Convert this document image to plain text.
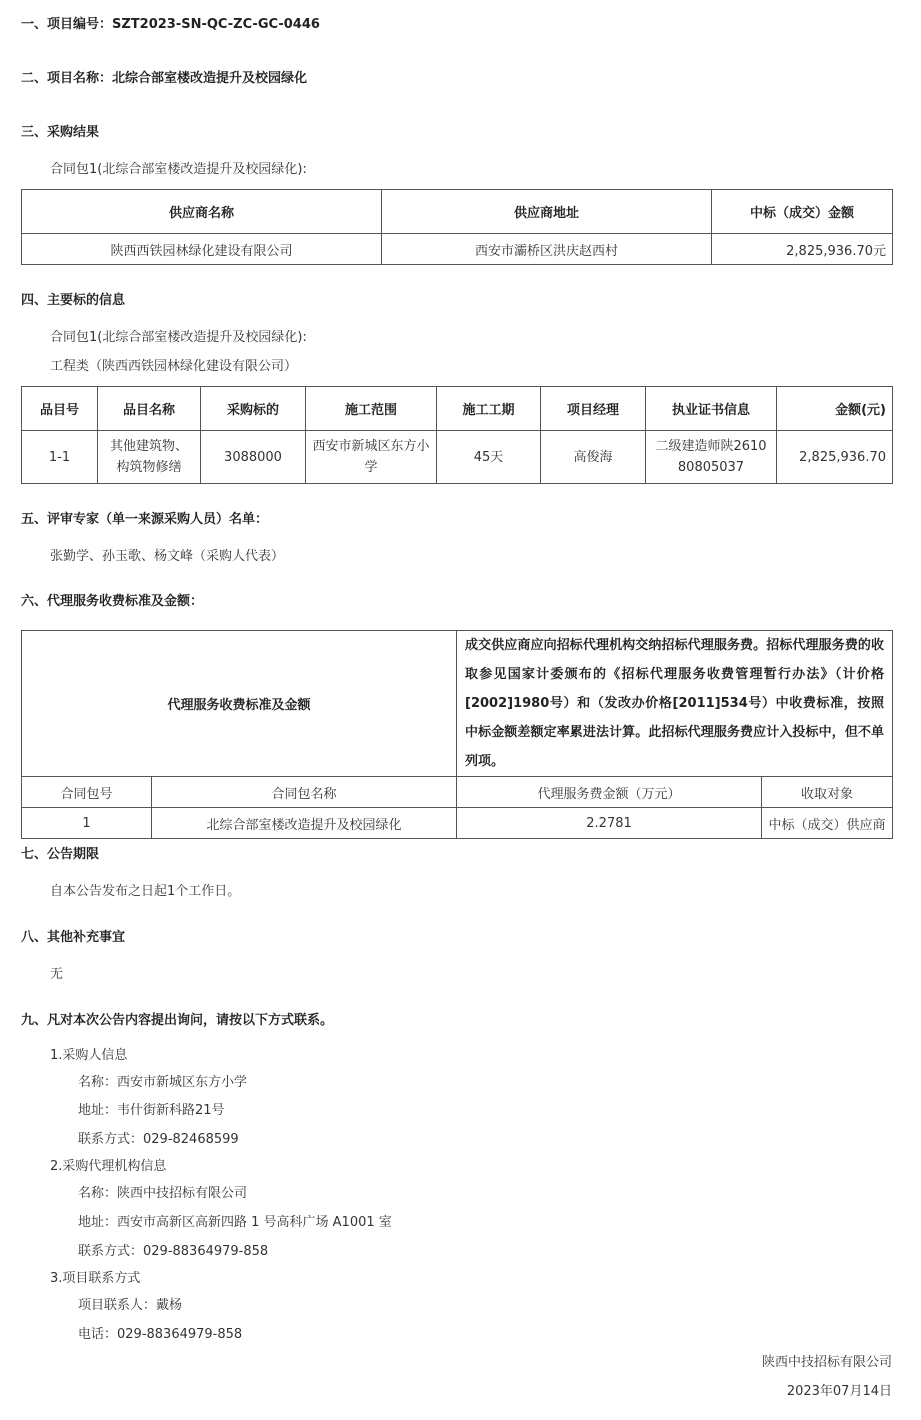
一、项目编号：SZT2023-SN-QC-ZC-GC-0446
二、项目名称：北综合部室楼改造提升及校园绿化
三、采购结果
合同包1(北综合部室楼改造提升及校园绿化):
供应商名称	供应商地址	中标（成交）金额
陕西西铁园林绿化建设有限公司	西安市灞桥区洪庆赵西村	2,825,936.70元
四、主要标的信息
合同包1(北综合部室楼改造提升及校园绿化):
工程类（陕西西铁园林绿化建设有限公司）
品目号	品目名称	采购标的	施工范围	施工工期	项目经理	执业证书信息	金额(元)
1-1	其他建筑物、构筑物修缮	3088000	西安市新城区东方小学	45天	高俊海	二级建造师陕261080805037	2,825,936.70
五、评审专家（单一来源采购人员）名单：
张勤学、孙玉歌、杨文峰（采购人代表）
六、代理服务收费标准及金额：
代理服务收费标准及金额		成交供应商应向招标代理机构交纳招标代理服务费。招标代理服务费的收取参见国家计委颁布的《招标代理服务收费管理暂行办法》（计价格[2002]1980号）和（发改办价格[2011]534号）中收费标准，按照中标金额差额定率累进法计算。此招标代理服务费应计入投标中，但不单列项。	
合同包号	合同包名称	代理服务费金额（万元）	收取对象
1	北综合部室楼改造提升及校园绿化	2.2781	中标（成交）供应商
七、公告期限
自本公告发布之日起1个工作日。
八、其他补充事宜
无
九、凡对本次公告内容提出询问，请按以下方式联系。
1.采购人信息
名称：西安市新城区东方小学
地址：韦什街新科路21号
联系方式：029-82468599
2.采购代理机构信息
名称：陕西中技招标有限公司
地址：西安市高新区高新四路 1 号高科广场 A1001 室
联系方式：029-88364979-858
3.项目联系方式
项目联系人：戴杨
电话：029-88364979-858
陕西中技招标有限公司
2023年07月14日
